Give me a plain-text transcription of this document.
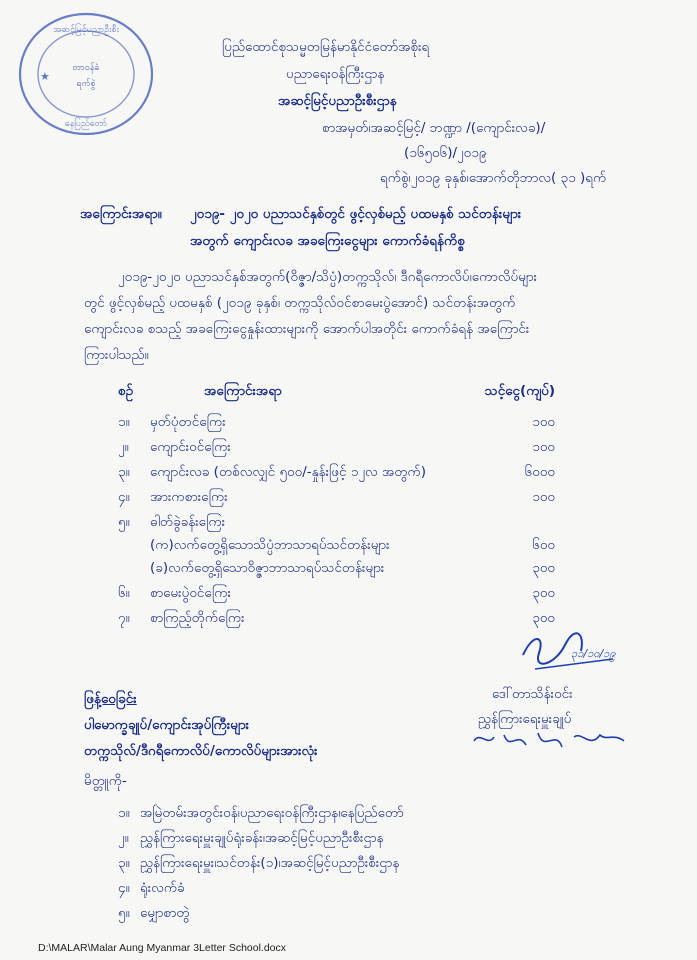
အဆင့်မြင့်ပညာဦးစီး
နေပြည်တော်
★
တာဝန်ခံ
ရက်စွဲ
ပြည်ထောင်စုသမ္မတမြန်မာနိုင်ငံတော်အစိုးရ
ပညာရေးဝန်ကြီးဌာန
အဆင့်မြင့်ပညာဦးစီးဌာန
စာအမှတ်၊အဆင့်မြင့်/ ဘဏ္ဍာ /(ကျောင်းလခ)/
(၁၆၅၀၆)/၂၀၁၉
ရက်စွဲ၊၂၀၁၉ ခုနှစ်၊အောက်တိုဘာလ( ၃၁ )ရက်
အကြောင်းအရာ။ ၂၀၁၉- ၂၀၂၀ ပညာသင်နှစ်တွင် ဖွင့်လှစ်မည့် ပထမနှစ် သင်တန်းများ
အတွက် ကျောင်းလခ အခကြေးငွေများ ကောက်ခံရန်ကိစ္စ
၂၀၁၉-၂၀၂၀ ပညာသင်နှစ်အတွက်(ဝိဇ္ဇာ/သိပ္ပံ)တက္ကသိုလ်၊ ဒီဂရီကောလိပ်၊ကောလိပ်များ
တွင် ဖွင့်လှစ်မည့် ပထမနှစ် (၂၀၁၉ ခုနှစ်၊ တက္ကသိုလ်ဝင်စာမေးပွဲအောင်) သင်တန်းအတွက်
ကျောင်းလခ စသည့် အခကြေးငွေနှုန်းထားများကို အောက်ပါအတိုင်း ကောက်ခံရန် အကြောင်း
ကြားပါသည်။
စဉ်	အကြောင်းအရာ	သင့်ငွေ(ကျပ်)
၁။ မှတ်ပုံတင်ကြေး	၁၀၀
၂။ ကျောင်းဝင်ကြေး	၁၀၀
၃။ ကျောင်းလခ (တစ်လလျှင် ၅၀၀/-နှုန်းဖြင့် ၁၂လ အတွက်)	၆၀၀၀
၄။ အားကစားကြေး	၁၀၀
၅။ ဓါတ်ခွဲခန်းကြေး
(က)လက်တွေ့ရှိသောသိပ္ပံဘာသာရပ်သင်တန်းများ	၆၀၀
(ခ)လက်တွေ့ရှိသောဝိဇ္ဇာဘာသာရပ်သင်တန်းများ	၃၀၀
၆။ စာမေးပွဲဝင်ကြေး	၃၀၀
၇။ စာကြည့်တိုက်ကြေး	၃၀၀
၃၁/၁၀/၁၉
ဒေါ်တာသိန်းဝင်း
ညွှန်ကြားရေးမှူးချုပ်
ဖြန့်ဝေခြင်း
ပါမောက္ခချုပ်/ကျောင်းအုပ်ကြီးများ
တက္ကသိုလ်/ဒီဂရီကောလိပ်/ကောလိပ်များအားလုံး
မိတ္တူကို-
၁။ အမြဲတမ်းအတွင်းဝန်၊ပညာရေးဝန်ကြီးဌာန၊နေပြည်တော်
၂။ ညွှန်ကြားရေးမှူးချုပ်ရုံးခန်း၊အဆင့်မြင့်ပညာဦးစီးဌာန
၃။ ညွှန်ကြားရေးမှူး၊သင်တန်း(၁)၊အဆင့်မြင့်ပညာဦးစီးဌာန
၄။ ရုံးလက်ခံ
၅။ မျှောစာတွဲ
D:\MALAR\Malar Aung Myanmar 3Letter School.docx
